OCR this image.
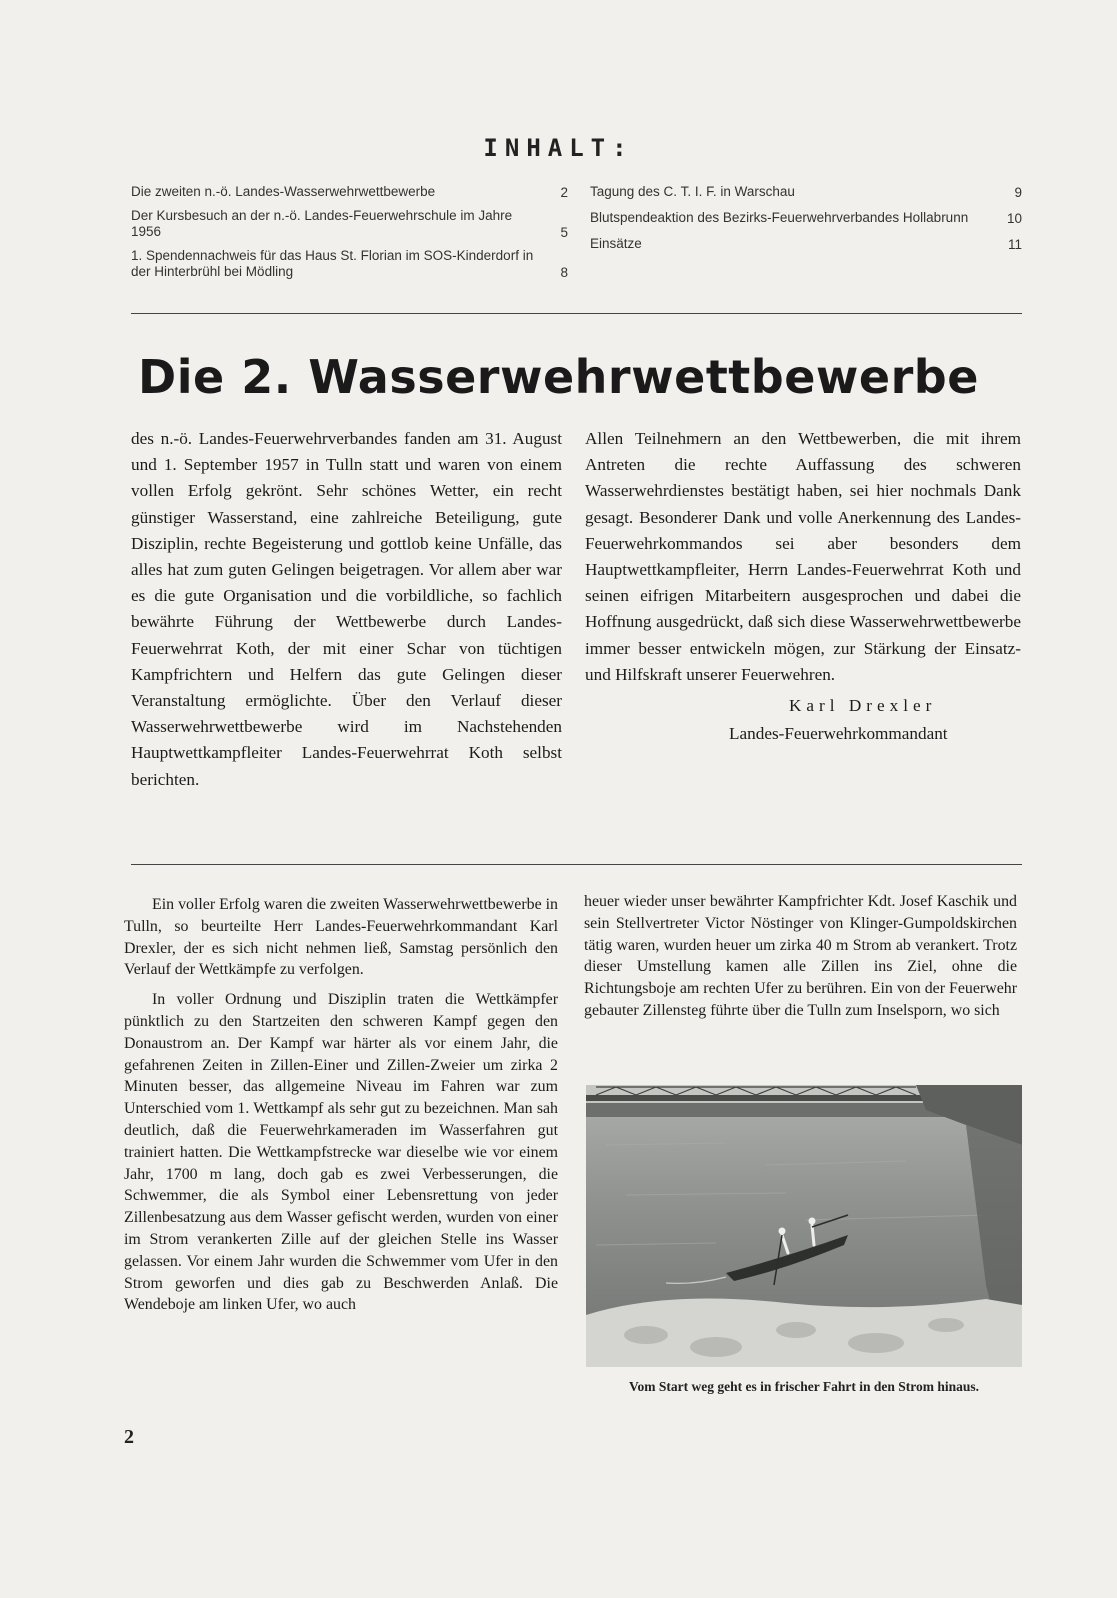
INHALT:
Die zweiten n.-ö. Landes-Wasserwehrwettbewerbe	2
Der Kursbesuch an der n.-ö. Landes-Feuerwehrschule im Jahre 1956	5
1. Spendennachweis für das Haus St. Florian im SOS-Kinderdorf in der Hinterbrühl bei Mödling	8
Tagung des C. T. I. F. in Warschau	9
Blutspendeaktion des Bezirks-Feuerwehrverbandes Hollabrunn	10
Einsätze	11
Die 2. Wasserwehrwettbewerbe
des n.-ö. Landes-Feuerwehrverbandes fanden am 31. August und 1. September 1957 in Tulln statt und waren von einem vollen Erfolg gekrönt. Sehr schönes Wetter, ein recht günstiger Wasserstand, eine zahlreiche Beteiligung, gute Disziplin, rechte Begeisterung und gottlob keine Unfälle, das alles hat zum guten Gelingen beigetragen. Vor allem aber war es die gute Organisation und die vorbildliche, so fachlich bewährte Führung der Wettbewerbe durch Landes-Feuerwehrrat Koth, der mit einer Schar von tüchtigen Kampfrichtern und Helfern das gute Gelingen dieser Veranstaltung ermöglichte. Über den Verlauf dieser Wasserwehrwettbewerbe wird im Nachstehenden Hauptwettkampfleiter Landes-Feuerwehrrat Koth selbst berichten.
Allen Teilnehmern an den Wettbewerben, die mit ihrem Antreten die rechte Auffassung des schweren Wasserwehrdienstes bestätigt haben, sei hier nochmals Dank gesagt. Besonderer Dank und volle Anerkennung des Landes-Feuerwehrkommandos sei aber besonders dem Hauptwettkampfleiter, Herrn Landes-Feuerwehrrat Koth und seinen eifrigen Mitarbeitern ausgesprochen und dabei die Hoffnung ausgedrückt, daß sich diese Wasserwehrwettbewerbe immer besser entwickeln mögen, zur Stärkung der Einsatz- und Hilfskraft unserer Feuerwehren.
Karl Drexler
Landes-Feuerwehrkommandant

Ein voller Erfolg waren die zweiten Wasserwehrwettbewerbe in Tulln, so beurteilte Herr Landes-Feuerwehrkommandant Karl Drexler, der es sich nicht nehmen ließ, Samstag persönlich den Verlauf der Wettkämpfe zu verfolgen.

In voller Ordnung und Disziplin traten die Wettkämpfer pünktlich zu den Startzeiten den schweren Kampf gegen den Donaustrom an. Der Kampf war härter als vor einem Jahr, die gefahrenen Zeiten in Zillen-Einer und Zillen-Zweier um zirka 2 Minuten besser, das allgemeine Niveau im Fahren war zum Unterschied vom 1. Wettkampf als sehr gut zu bezeichnen. Man sah deutlich, daß die Feuerwehrkameraden im Wasserfahren gut trainiert hatten. Die Wettkampfstrecke war dieselbe wie vor einem Jahr, 1700 m lang, doch gab es zwei Verbesserungen, die Schwemmer, die als Symbol einer Lebensrettung von jeder Zillenbesatzung aus dem Wasser gefischt werden, wurden von einer im Strom verankerten Zille auf der gleichen Stelle ins Wasser gelassen. Vor einem Jahr wurden die Schwemmer vom Ufer in den Strom geworfen und dies gab zu Beschwerden Anlaß. Die Wendeboje am linken Ufer, wo auch

heuer wieder unser bewährter Kampfrichter Kdt. Josef Kaschik und sein Stellvertreter Victor Nöstinger von Klinger-Gumpoldskirchen tätig waren, wurden heuer um zirka 40 m Strom ab verankert. Trotz dieser Umstellung kamen alle Zillen ins Ziel, ohne die Richtungsboje am rechten Ufer zu berühren. Ein von der Feuerwehr gebauter Zillensteg führte über die Tulln zum Inselsporn, wo sich

Vom Start weg geht es in frischer Fahrt in den Strom hinaus.
2
